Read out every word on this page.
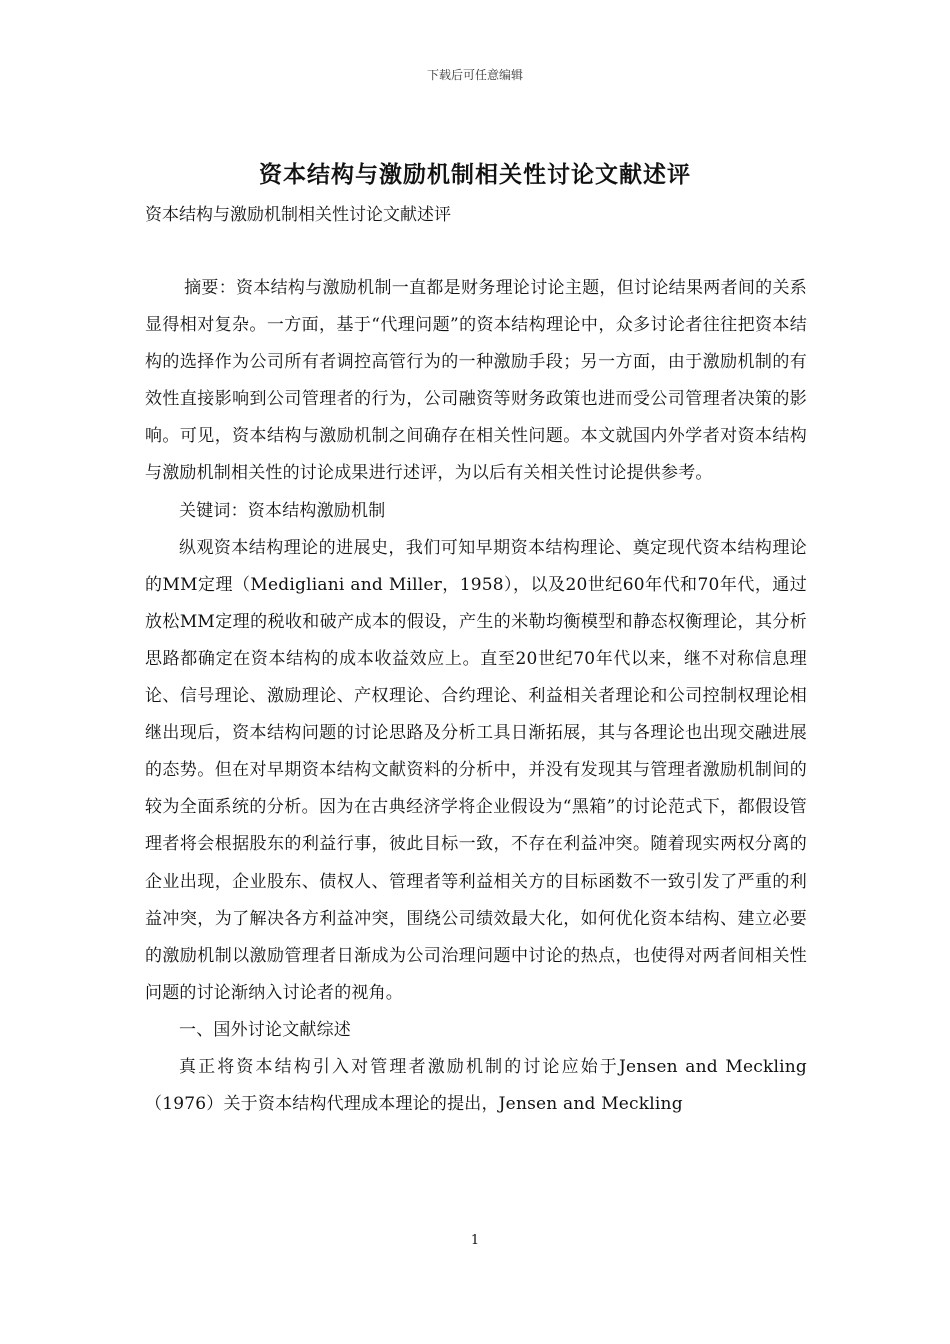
下载后可任意编辑
资本结构与激励机制相关性讨论文献述评

资本结构与激励机制相关性讨论文献述评

摘要：资本结构与激励机制一直都是财务理论讨论主题，但讨论结果两者间的关系显得相对复杂。一方面，基于“代理问题”的资本结构理论中，众多讨论者往往把资本结构的选择作为公司所有者调控高管行为的一种激励手段；另一方面，由于激励机制的有效性直接影响到公司管理者的行为，公司融资等财务政策也进而受公司管理者决策的影响。可见，资本结构与激励机制之间确存在相关性问题。本文就国内外学者对资本结构与激励机制相关性的讨论成果进行述评，为以后有关相关性讨论提供参考。

关键词：资本结构激励机制

纵观资本结构理论的进展史，我们可知早期资本结构理论、奠定现代资本结构理论的MM定理（Medigliani and Miller，1958），以及20世纪60年代和70年代，通过放松MM定理的税收和破产成本的假设，产生的米勒均衡模型和静态权衡理论，其分析思路都确定在资本结构的成本收益效应上。直至20世纪70年代以来，继不对称信息理论、信号理论、激励理论、产权理论、合约理论、利益相关者理论和公司控制权理论相继出现后，资本结构问题的讨论思路及分析工具日渐拓展，其与各理论也出现交融进展的态势。但在对早期资本结构文献资料的分析中，并没有发现其与管理者激励机制间的较为全面系统的分析。因为在古典经济学将企业假设为“黑箱”的讨论范式下，都假设管理者将会根据股东的利益行事，彼此目标一致，不存在利益冲突。随着现实两权分离的企业出现，企业股东、债权人、管理者等利益相关方的目标函数不一致引发了严重的利益冲突，为了解决各方利益冲突，围绕公司绩效最大化，如何优化资本结构、建立必要的激励机制以激励管理者日渐成为公司治理问题中讨论的热点，也使得对两者间相关性问题的讨论渐纳入讨论者的视角。

一、国外讨论文献综述

真正将资本结构引入对管理者激励机制的讨论应始于Jensen and Meckling（1976）关于资本结构代理成本理论的提出，Jensen and Meckling

1
